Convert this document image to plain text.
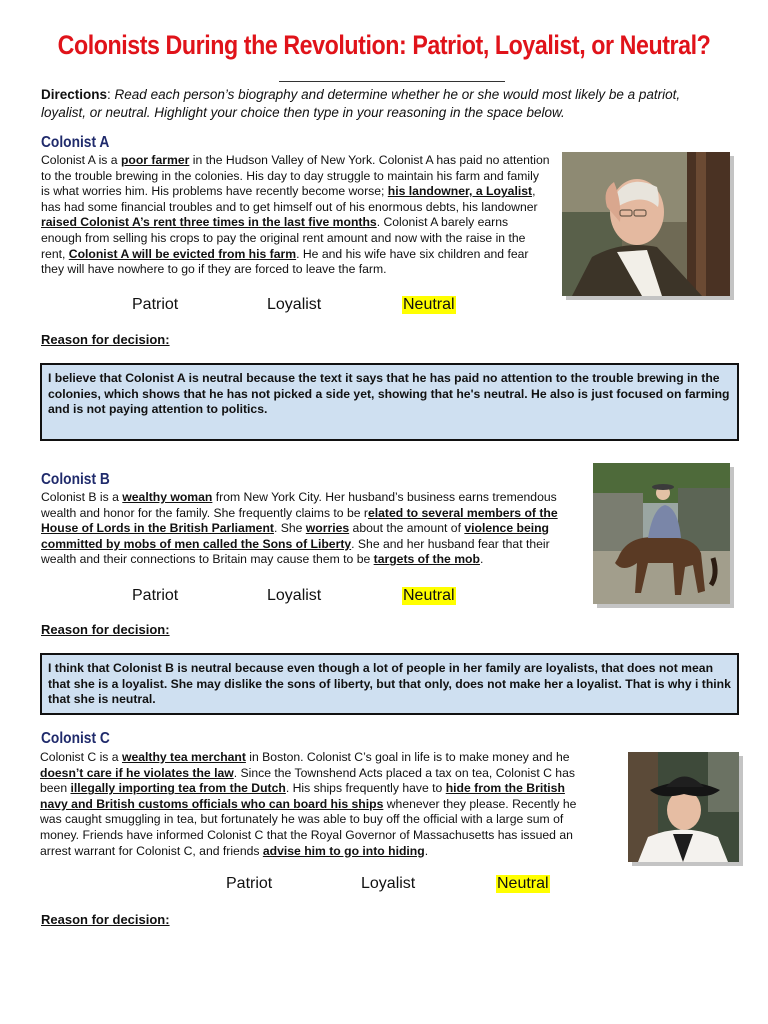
Colonists During the Revolution: Patriot, Loyalist, or Neutral?
Directions: Read each person’s biography and determine whether he or she would most likely be a patriot, loyalist, or neutral. Highlight your choice then type in your reasoning in the space below.
Colonist A
Colonist A is a poor farmer in the Hudson Valley of New York. Colonist A has paid no attention to the trouble brewing in the colonies. His day to day struggle to maintain his farm and family is what worries him. His problems have recently become worse; his landowner, a Loyalist, has had some financial troubles and to get himself out of his enormous debts, his landowner raised Colonist A’s rent three times in the last five months. Colonist A barely earns enough from selling his crops to pay the original rent amount and now with the raise in the rent, Colonist A will be evicted from his farm. He and his wife have six children and fear they will have nowhere to go if they are forced to leave the farm.
Patriot	Loyalist	Neutral
Reason for decision:
I believe that Colonist A is neutral because the text it says that he has paid no attention to the trouble brewing in the colonies, which shows that he has not picked a side yet, showing that he's neutral. He also is just focused on farming and is not paying attention to politics.
Colonist B
Colonist B is a wealthy woman from New York City. Her husband’s business earns tremendous wealth and honor for the family. She frequently claims to be related to several members of the House of Lords in the British Parliament. She worries about the amount of violence being committed by mobs of men called the Sons of Liberty. She and her husband fear that their wealth and their connections to Britain may cause them to be targets of the mob.
Patriot	Loyalist	Neutral
Reason for decision:
I think that Colonist B is neutral because even though a lot of people in her family are loyalists, that does not mean that she is a loyalist. She may dislike the sons of liberty, but that only, does not make her a loyalist. That is why i think that she is neutral.
Colonist C
Colonist C is a wealthy tea merchant in Boston. Colonist C’s goal in life is to make money and he doesn’t care if he violates the law. Since the Townshend Acts placed a tax on tea, Colonist C has been illegally importing tea from the Dutch. His ships frequently have to hide from the British navy and British customs officials who can board his ships whenever they please. Recently he was caught smuggling in tea, but fortunately he was able to buy off the official with a large sum of money. Friends have informed Colonist C that the Royal Governor of Massachusetts has issued an arrest warrant for Colonist C, and friends advise him to go into hiding.
Patriot	Loyalist	Neutral
Reason for decision:
